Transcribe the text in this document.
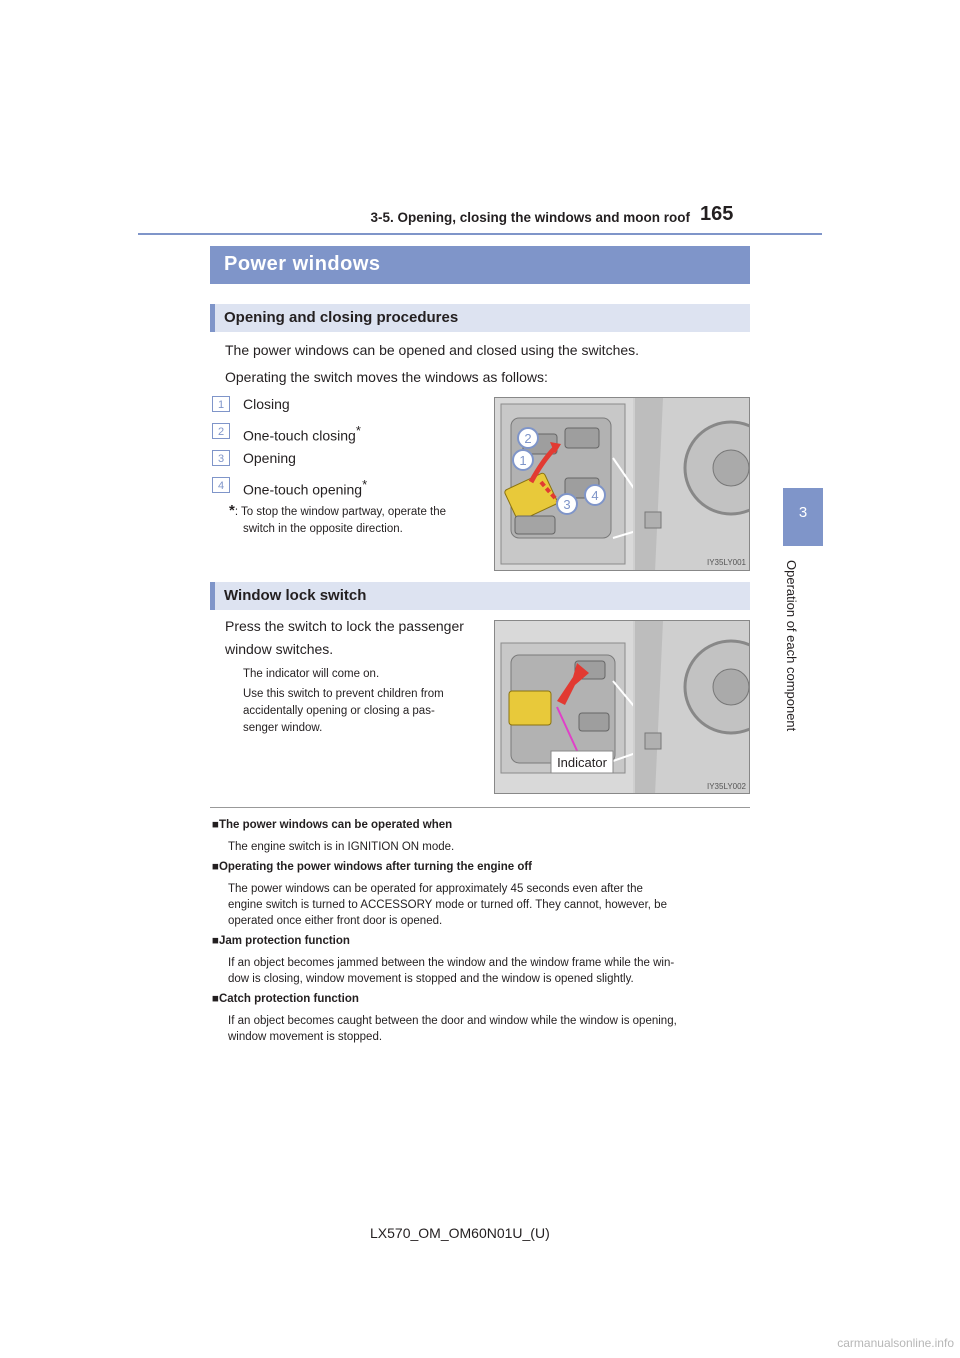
3-5. Opening, closing the windows and moon roof 165
3
Operation of each component
Power windows
Opening and closing procedures
The power windows can be opened and closed using the switches.
Operating the switch moves the windows as follows:
1	Closing
2	One-touch closing*
3	Opening
4	One-touch opening*
*: To stop the window partway, operate the
switch in the opposite direction.
2
1
3
4
IY35LY001
Window lock switch
Press the switch to lock the passenger
window switches.
The indicator will come on.
Use this switch to prevent children from
accidentally opening or closing a pas-
senger window.
Indicator
IY35LY002
■The power windows can be operated when
The engine switch is in IGNITION ON mode.
■Operating the power windows after turning the engine off
The power windows can be operated for approximately 45 seconds even after the
engine switch is turned to ACCESSORY mode or turned off. They cannot, however, be
operated once either front door is opened.
■Jam protection function
If an object becomes jammed between the window and the window frame while the win-
dow is closing, window movement is stopped and the window is opened slightly.
■Catch protection function
If an object becomes caught between the door and window while the window is opening,
window movement is stopped.
LX570_OM_OM60N01U_(U)
carmanualsonline.info
